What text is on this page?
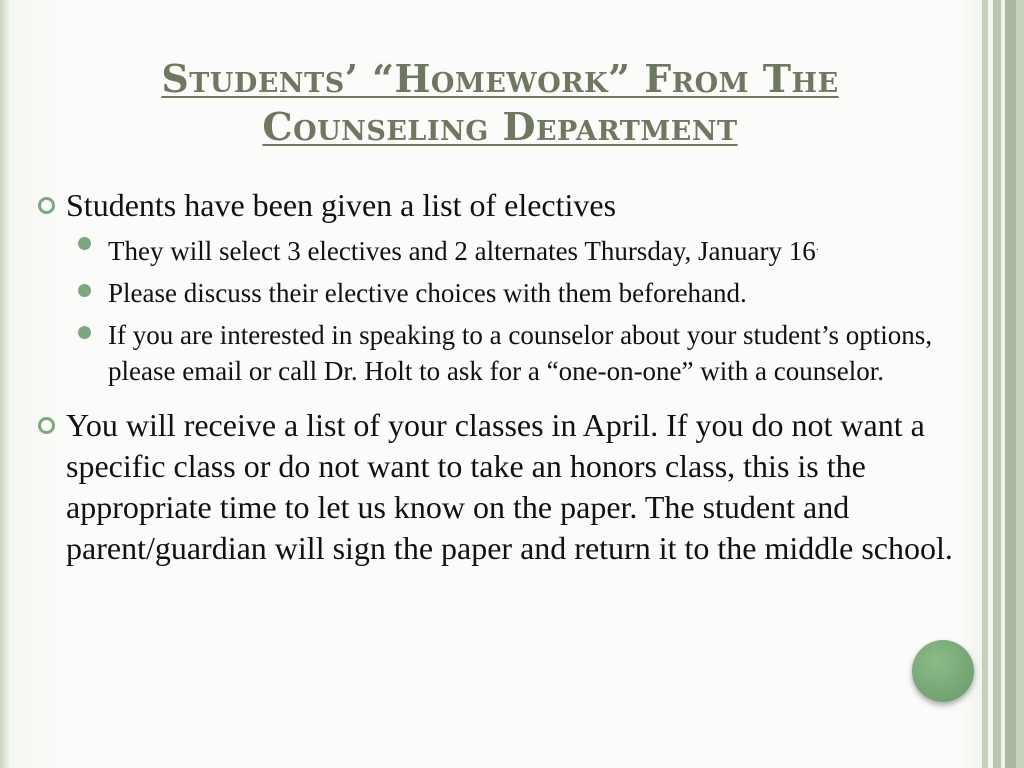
Students’ “Homework” From The Counseling Department
Students have been given a list of electives
They will select 3 electives and 2 alternates Thursday, January 16.
Please discuss their elective choices with them beforehand.
If you are interested in speaking to a counselor about your student’s options, please email or call Dr. Holt to ask for a “one-on-one” with a counselor.
You will receive a list of your classes in April. If you do not want a specific class or do not want to take an honors class, this is the appropriate time to let us know on the paper. The student and parent/guardian will sign the paper and return it to the middle school.
